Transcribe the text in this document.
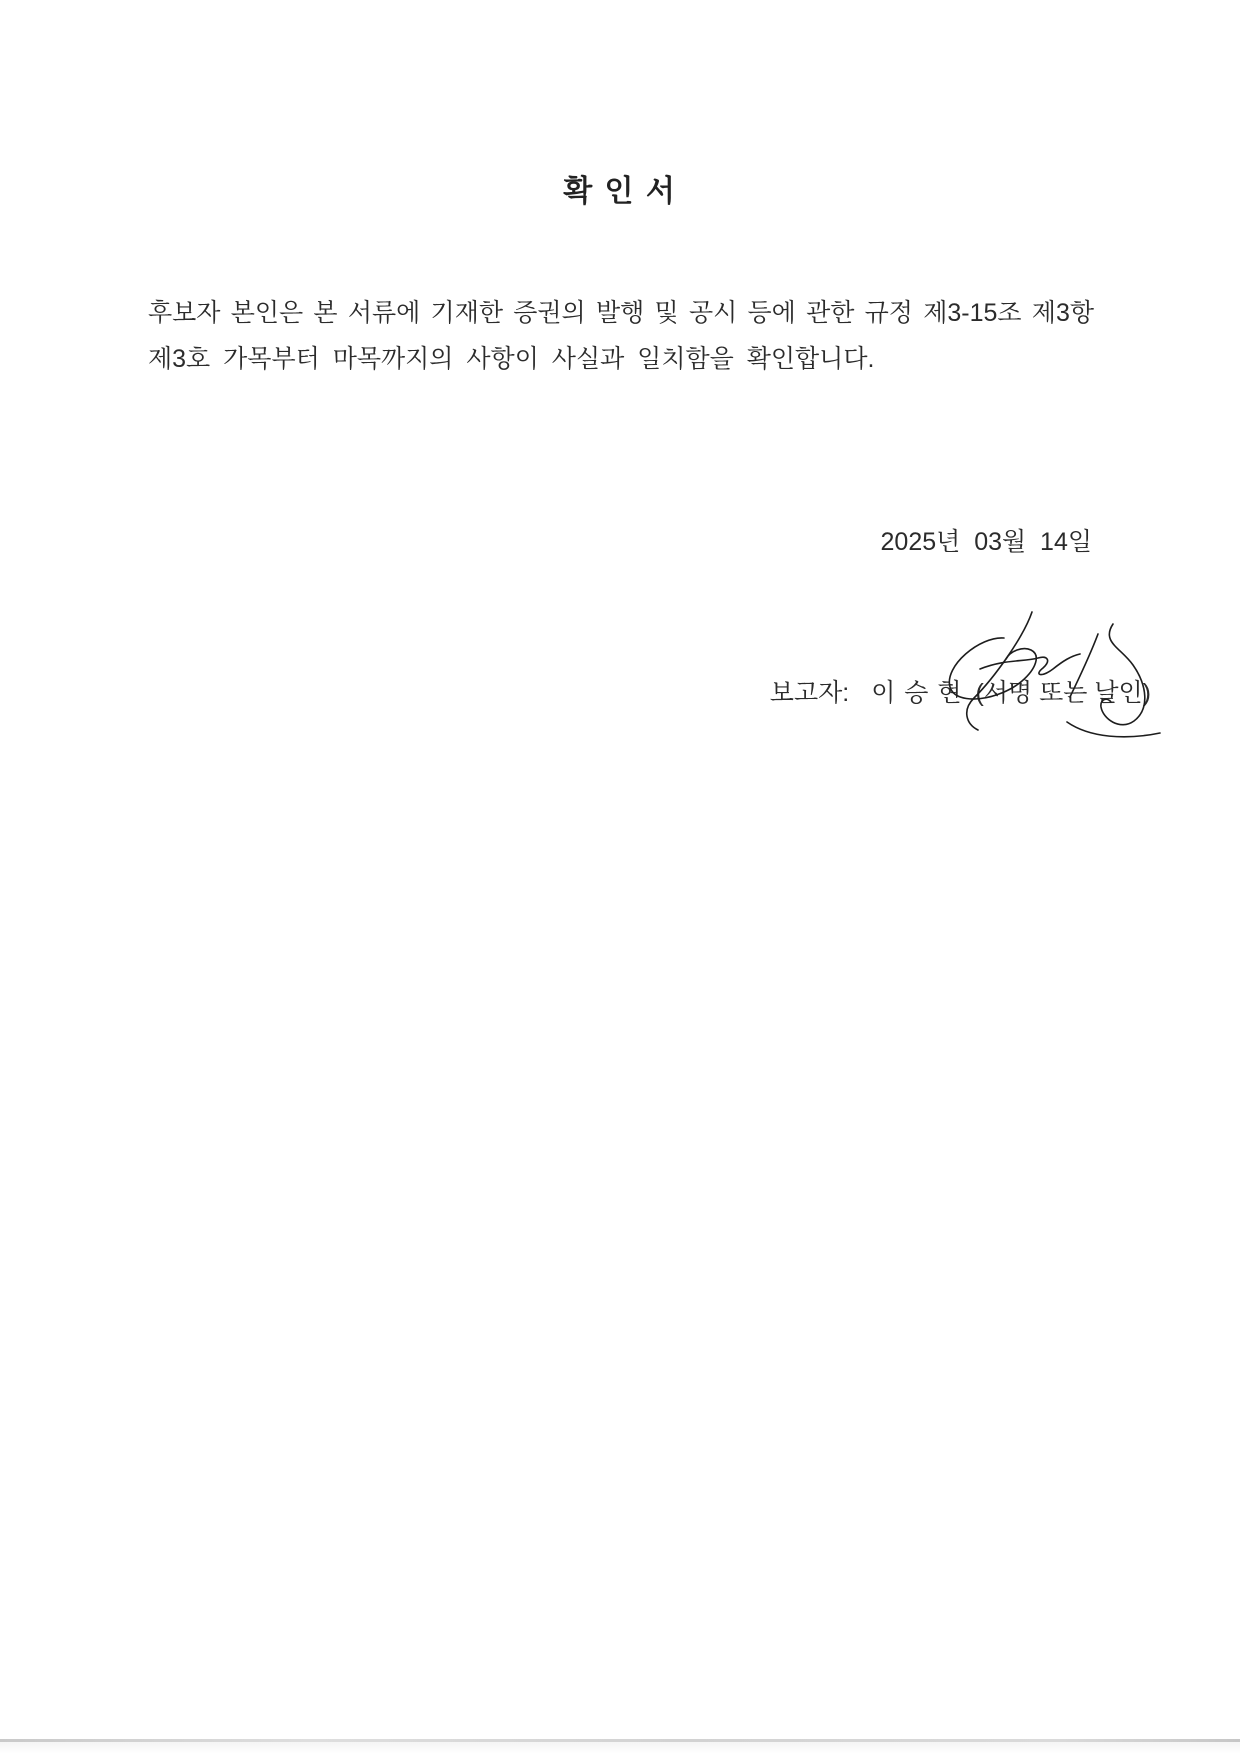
확 인 서
후보자 본인은 본 서류에 기재한 증권의 발행 및 공시 등에 관한 규정 제3-15조 제3항
제3호 가목부터 마목까지의 사항이 사실과 일치함을 확인합니다.
2025년  03월  14일

보고자: 이 승 현 (서명 또는 날인)
